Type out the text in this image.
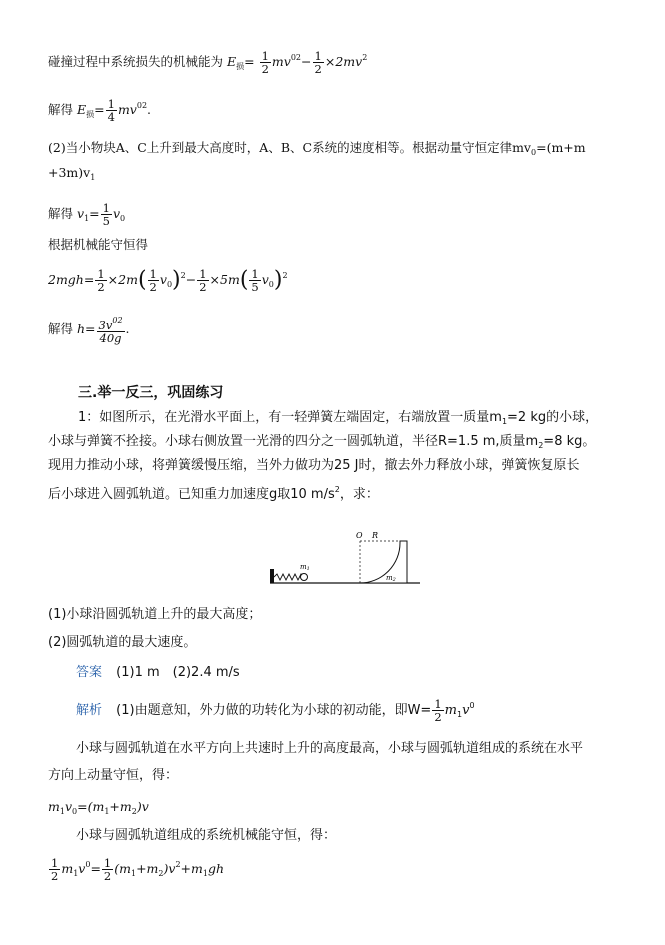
碰撞过程中系统损失的机械能为 $E_损= \frac{1}{2} mv^{02}- \frac{1}{2} \times 2mv^2$
解得 $E_损= \frac{1}{4} mv^{02}$.
(2)当小物块A、C上升到最大高度时，A、B、C系统的速度相等。根据动量守恒定律$mv_0=(m+m$
$+3m)v_1$
解得 $v_1= \frac{1}{5} v_0$
根据机械能守恒得
$2mgh= \frac{1}{2} \times 2m( \frac{1}{2} v_0)^2- \frac{1}{2} \times 5m( \frac{1}{5} v_0)^2$
解得 $h= \frac{3v^{02}}{40g}$ .
三.举一反三，巩固练习
1：如图所示，在光滑水平面上，有一轻弹簧左端固定，右端放置一质量$m_1=2$ kg的小球，
小球与弹簧不拴接。小球右侧放置一光滑的四分之一圆弧轨道，半径R=1.5 m,质量$m_2=8$ kg。
现用力推动小球，将弹簧缓慢压缩，当外力做功为25 J时，撤去外力释放小球，弹簧恢复原长
后小球进入圆弧轨道。已知重力加速度g取10 $m/s^2$，求：
m1
O R
m2
(1)小球沿圆弧轨道上升的最大高度；
(2)圆弧轨道的最大速度。
答案 (1)1 m　(2)2.4 m/s
解析 (1)由题意知，外力做的功转化为小球的初动能，即$W= \frac{1}{2} m_1v^0$
小球与圆弧轨道在水平方向上共速时上升的高度最高，小球与圆弧轨道组成的系统在水平
方向上动量守恒，得：
$m_1v_0=(m_1+m_2)v$
小球与圆弧轨道组成的系统机械能守恒，得：
$\frac{1}{2} m_1v^0= \frac{1}{2} (m_1+m_2)v^2+m_1gh$
